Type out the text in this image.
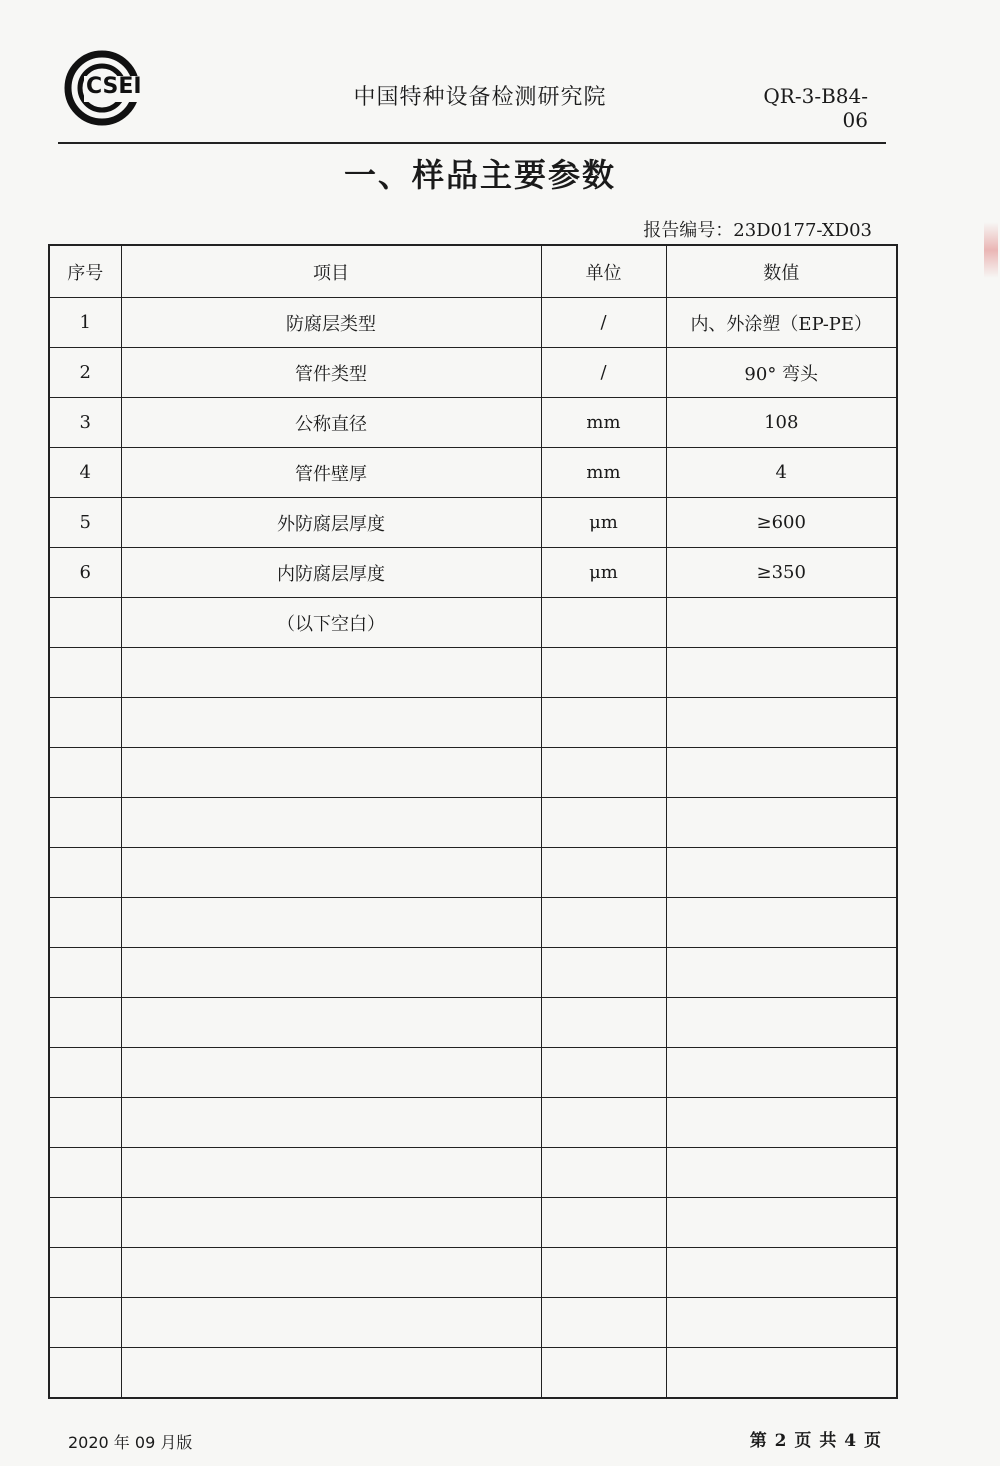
CSEI	中国特种设备检测研究院	QR-3-B84-06
一、样品主要参数
报告编号：23D0177-XD03
序号	项目	单位	数值
1	防腐层类型	/	内、外涂塑（EP-PE）
2	管件类型	/	90° 弯头
3	公称直径	mm	108
4	管件壁厚	mm	4
5	外防腐层厚度	μm	≥600
6	内防腐层厚度	μm	≥350
	（以下空白）		

2020 年 09 月版	第 2 页 共 4 页
